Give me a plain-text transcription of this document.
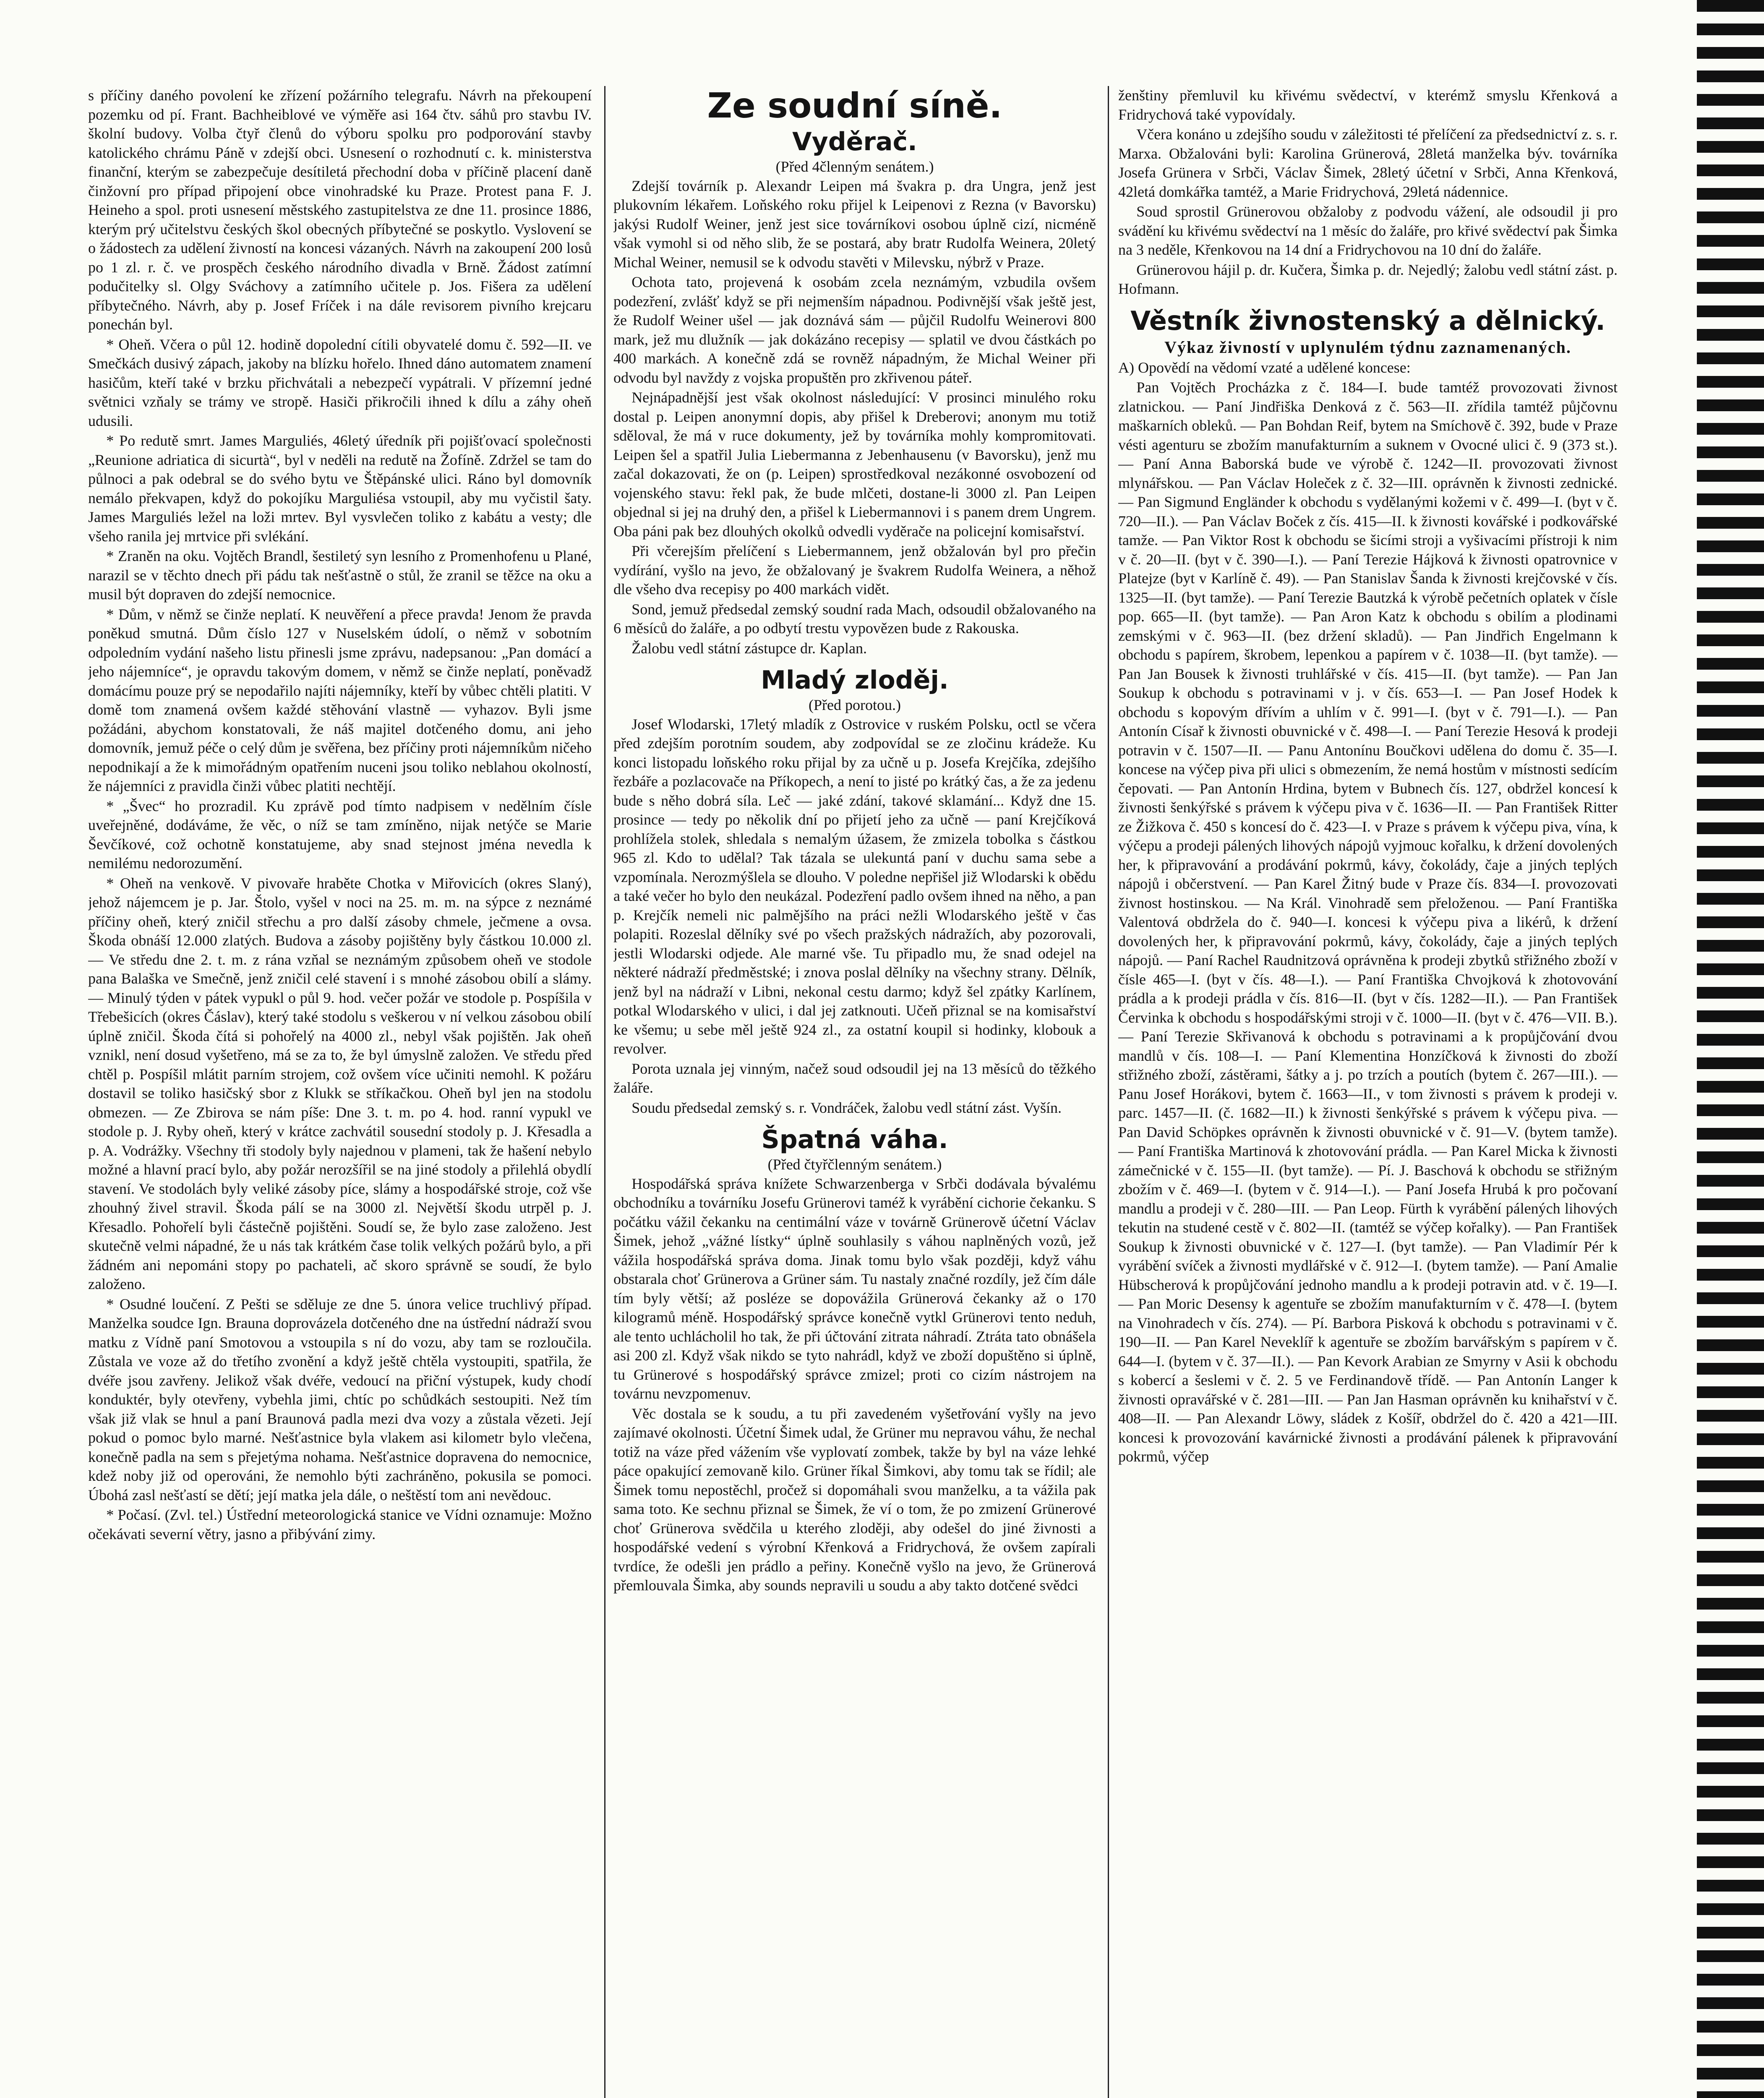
s příčiny daného povolení ke zřízení požárního telegrafu. Návrh na překoupení pozemku od pí. Frant. Bachheiblové ve výměře asi 164 čtv. sáhů pro stavbu IV. školní budovy. Volba čtyř členů do výboru spolku pro podporování stavby katolického chrámu Páně v zdejší obci. Usnesení o rozhodnutí c. k. ministerstva finanční, kterým se zabezpečuje desítiletá přechodní doba v příčině placení daně činžovní pro případ připojení obce vinohradské ku Praze. Protest pana F. J. Heineho a spol. proti usnesení městského zastupitelstva ze dne 11. prosince 1886, kterým prý učitelstvu českých škol obecných příbytečné se poskytlo. Vyslovení se o žádostech za udělení živností na koncesi vázaných. Návrh na zakoupení 200 losů po 1 zl. r. č. ve prospěch českého národního divadla v Brně. Žádost zatímní podučitelky sl. Olgy Sváchovy a zatímního učitele p. Jos. Fišera za udělení příbytečného. Návrh, aby p. Josef Fríček i na dále revisorem pivního krejcaru ponechán byl.

* Oheň. Včera o půl 12. hodině dopolední cítili obyvatelé domu č. 592—II. ve Smečkách dusivý zápach, jakoby na blízku hořelo. Ihned dáno automatem znamení hasičům, kteří také v brzku přichvátali a nebezpečí vypátrali. V přízemní jedné světnici vzňaly se trámy ve stropě. Hasiči přikročili ihned k dílu a záhy oheň udusili.

* Po redutě smrt. James Marguliés, 46letý úředník při pojišťovací společnosti „Reunione adriatica di sicurtà“, byl v neděli na redutě na Žofíně. Zdržel se tam do půlnoci a pak odebral se do svého bytu ve Štěpánské ulici. Ráno byl domovník nemálo překvapen, když do pokojíku Marguliésa vstoupil, aby mu vyčistil šaty. James Marguliés ležel na loži mrtev. Byl vysvlečen toliko z kabátu a vesty; dle všeho ranila jej mrtvice při svlékání.

* Zraněn na oku. Vojtěch Brandl, šestiletý syn lesního z Promenhofenu u Plané, narazil se v těchto dnech při pádu tak nešťastně o stůl, že zranil se těžce na oku a musil být dopraven do zdejší nemocnice.

* Dům, v němž se činže neplatí. K neuvěření a přece pravda! Jenom že pravda poněkud smutná. Dům číslo 127 v Nuselském údolí, o němž v sobotním odpoledním vydání našeho listu přinesli jsme zprávu, nadepsanou: „Pan domácí a jeho nájemníce“, je opravdu takovým domem, v němž se činže neplatí, poněvadž domácímu pouze prý se nepodařilo najíti nájemníky, kteří by vůbec chtěli platiti. V domě tom znamená ovšem každé stěhování vlastně — vyhazov. Byli jsme požádáni, abychom konstatovali, že náš majitel dotčeného domu, ani jeho domovník, jemuž péče o celý dům je svěřena, bez příčiny proti nájemníkům ničeho nepodnikají a že k mimořádným opatřením nuceni jsou toliko neblahou okolností, že nájemníci z pravidla činži vůbec platiti nechtějí.

* „Švec“ ho prozradil. Ku zprávě pod tímto nadpisem v nedělním čísle uveřejněné, dodáváme, že věc, o níž se tam zmíněno, nijak netýče se Marie Ševčíkové, což ochotně konstatujeme, aby snad stejnost jména nevedla k nemilému nedorozumění.

* Oheň na venkově. V pivovaře hraběte Chotka v Miřovicích (okres Slaný), jehož nájemcem je p. Jar. Štolo, vyšel v noci na 25. m. m. na sýpce z neznámé příčiny oheň, který zničil střechu a pro další zásoby chmele, ječmene a ovsa. Škoda obnáší 12.000 zlatých. Budova a zásoby pojištěny byly částkou 10.000 zl. — Ve středu dne 2. t. m. z rána vzňal se neznámým způsobem oheň ve stodole pana Balaška ve Smečně, jenž zničil celé stavení i s mnohé zásobou obilí a slámy. — Minulý týden v pátek vypukl o půl 9. hod. večer požár ve stodole p. Pospíšila v Třebešicích (okres Čáslav), který také stodolu s veškerou v ní velkou zásobou obilí úplně zničil. Škoda čítá si pohořelý na 4000 zl., nebyl však pojištěn. Jak oheň vznikl, není dosud vyšetřeno, má se za to, že byl úmyslně založen. Ve středu před chtěl p. Pospíšil mlátit parním strojem, což ovšem více učiniti nemohl. K požáru dostavil se toliko hasičský sbor z Klukk se stříkačkou. Oheň byl jen na stodolu obmezen. — Ze Zbirova se nám píše: Dne 3. t. m. po 4. hod. ranní vypukl ve stodole p. J. Ryby oheň, který v krátce zachvátil sousední stodoly p. J. Křesadla a p. A. Vodrážky. Všechny tři stodoly byly najednou v plameni, tak že hašení nebylo možné a hlavní prací bylo, aby požár nerozšířil se na jiné stodoly a přilehlá obydlí stavení. Ve stodolách byly veliké zásoby píce, slámy a hospodářské stroje, což vše zhouhný živel stravil. Škoda pálí se na 3000 zl. Největší škodu utrpěl p. J. Křesadlo. Pohořelí byli částečně pojištěni. Soudí se, že bylo zase založeno. Jest skutečně velmi nápadné, že u nás tak krátkém čase tolik velkých požárů bylo, a při žádném ani nepománi stopy po pachateli, ač skoro správně se soudí, že bylo založeno.

* Osudné loučení. Z Pešti se sděluje ze dne 5. února velice truchlivý případ. Manželka soudce Ign. Brauna doprovázela dotčeného dne na ústřední nádraží svou matku z Vídně paní Smotovou a vstoupila s ní do vozu, aby tam se rozloučila. Zůstala ve voze až do třetího zvonění a když ještě chtěla vystoupiti, spatřila, že dvéře jsou zavřeny. Jelikož však dvéře, vedoucí na přiční výstupek, kudy chodí konduktér, byly otevřeny, vybehla jimi, chtíc po schůdkách sestoupiti. Než tím však již vlak se hnul a paní Braunová padla mezi dva vozy a zůstala vězeti. Její pokud o pomoc bylo marné. Nešťastnice byla vlakem asi kilometr bylo vlečena, konečně padla na sem s přejetýma nohama. Nešťastnice dopravena do nemocnice, kdež noby již od operováni, že nemohlo býti zachráněno, pokusila se pomoci. Úbohá zasl nešťastí se dětí; její matka jela dále, o neštěstí tom ani nevědouc.

* Počasí. (Zvl. tel.) Ústřední meteorologická stanice ve Vídni oznamuje: Možno očekávati severní větry, jasno a přibývání zimy.

Ze soudní síně.
Vyděrač.

(Před 4členným senátem.)

Zdejší továrník p. Alexandr Leipen má švakra p. dra Ungra, jenž jest plukovním lékařem. Loňského roku přijel k Leipenovi z Rezna (v Bavorsku) jakýsi Rudolf Weiner, jenž jest sice továrníkovi osobou úplně cizí, nicméně však vymohl si od něho slib, že se postará, aby bratr Rudolfa Weinera, 20letý Michal Weiner, nemusil se k odvodu stavěti v Milevsku, nýbrž v Praze.

Ochota tato, projevená k osobám zcela neznámým, vzbudila ovšem podezření, zvlášť když se při nejmenším nápadnou. Podivnější však ještě jest, že Rudolf Weiner ušel — jak doznává sám — půjčil Rudolfu Weinerovi 800 mark, jež mu dlužník — jak dokázáno recepisy — splatil ve dvou částkách po 400 markách. A konečně zdá se rovněž nápadným, že Michal Weiner při odvodu byl navždy z vojska propuštěn pro zkřivenou páteř.

Nejnápadnější jest však okolnost následující: V prosinci minulého roku dostal p. Leipen anonymní dopis, aby přišel k Dreberovi; anonym mu totiž sděloval, že má v ruce dokumenty, jež by továrníka mohly kompromitovati. Leipen šel a spatřil Julia Liebermanna z Jebenhausenu (v Bavorsku), jenž mu začal dokazovati, že on (p. Leipen) sprostředkoval nezákonné osvobození od vojenského stavu: řekl pak, že bude mlčeti, dostane-li 3000 zl. Pan Leipen objednal si jej na druhý den, a přišel k Liebermannovi i s panem drem Ungrem. Oba páni pak bez dlouhých okolků odvedli vyděrače na policejní komisařství.

Při včerejším přelíčení s Liebermannem, jenž obžalován byl pro přečin vydírání, vyšlo na jevo, že obžalovaný je švakrem Rudolfa Weinera, a něhož dle všeho dva recepisy po 400 markách vidět.

Sond, jemuž předsedal zemský soudní rada Mach, odsoudil obžalovaného na 6 měsíců do žaláře, a po odbytí trestu vypovězen bude z Rakouska.

Žalobu vedl státní zástupce dr. Kaplan.

Mladý zloděj.

(Před porotou.)

Josef Wlodarski, 17letý mladík z Ostrovice v ruském Polsku, octl se včera před zdejším porotním soudem, aby zodpovídal se ze zločinu krádeže. Ku konci listopadu loňského roku přijal by za učně u p. Josefa Krejčíka, zdejšího řezbáře a pozlacovače na Příkopech, a není to jisté po krátký čas, a že za jedenu bude s něho dobrá síla. Leč — jaké zdání, takové sklamání... Když dne 15. prosince — tedy po několik dní po přijetí jeho za učně — paní Krejčíková prohlížela stolek, shledala s nemalým úžasem, že zmizela tobolka s částkou 965 zl. Kdo to udělal? Tak tázala se ulekuntá paní v duchu sama sebe a vzpomínala. Nerozmýšlela se dlouho. V poledne nepřišel již Wlodarski k obědu a také večer ho bylo den neukázal. Podezření padlo ovšem ihned na něho, a pan p. Krejčík nemeli nic palmějšího na práci nežli Wlodarského ještě v čas polapiti. Rozeslal dělníky své po všech pražských nádražích, aby pozorovali, jestli Wlodarski odjede. Ale marné vše. Tu připadlo mu, že snad odejel na některé nádraží předměstské; i znova poslal dělníky na všechny strany. Dělník, jenž byl na nádraží v Libni, nekonal cestu darmo; když šel zpátky Karlínem, potkal Wlodarského v ulici, i dal jej zatknouti. Učeň přiznal se na komisařství ke všemu; u sebe měl ještě 924 zl., za ostatní koupil si hodinky, klobouk a revolver.

Porota uznala jej vinným, načež soud odsoudil jej na 13 měsíců do těžkého žaláře.

Soudu předsedal zemský s. r. Vondráček, žalobu vedl státní zást. Vyšín.

Špatná váha.

(Před čtyřčlenným senátem.)

Hospodářská správa knížete Schwarzenberga v Srbči dodávala bývalému obchodníku a továrníku Josefu Grünerovi taméž k vyrábění cichorie čekanku. S počátku vážil čekanku na centimální váze v továrně Grünerově účetní Václav Šimek, jehož „vážné lístky“ úplně souhlasily s váhou naplněných vozů, jež vážila hospodářská správa doma. Jinak tomu bylo však později, když váhu obstarala choť Grünerova a Grüner sám. Tu nastaly značné rozdíly, jež čím dále tím byly větší; až posléze se dopovážila Grünerová čekanky až o 170 kilogramů méně. Hospodářský správce konečně vytkl Grünerovi tento neduh, ale tento uchlácholil ho tak, že při účtování zitrata náhradí. Ztráta tato obnášela asi 200 zl. Když však nikdo se tyto nahrádl, když ve zboží dopuštěno si úplně, tu Grünerové s hospodářský správce zmizel; proti co cizím nástrojem na továrnu nevzpomenuv.

Věc dostala se k soudu, a tu při zavedeném vyšetřování vyšly na jevo zajímavé okolnosti. Účetní Šimek udal, že Grüner mu nepravou váhu, že nechal totiž na váze před vážením vše vyplovatí zombek, takže by byl na váze lehké páce opakující zemovaně kilo. Grüner říkal Šimkovi, aby tomu tak se řídil; ale Šimek tomu nepostěchl, pročež si dopomáhali svou manželku, a ta vážila pak sama toto. Ke sechnu přiznal se Šimek, že ví o tom, že po zmizení Grünerové choť Grünerova svědčila u kterého zloději, aby odešel do jiné živnosti a hospodářské vedení s výrobní Křenková a Fridrychová, že ovšem zapírali tvrdíce, že odešli jen prádlo a peřiny. Konečně vyšlo na jevo, že Grünerová přemlouvala Šimka, aby sounds nepravili u soudu a aby takto dotčené svědci

ženštiny přemluvil ku křivému svědectví, v kterémž smyslu Křenková a Fridrychová také vypovídaly.

Včera konáno u zdejšího soudu v záležitosti té přelíčení za předsednictví z. s. r. Marxa. Obžalováni byli: Karolina Grünerová, 28letá manželka býv. továrníka Josefa Grünera v Srbči, Václav Šimek, 28letý účetní v Srbči, Anna Křenková, 42letá domkářka tamtéž, a Marie Fridrychová, 29letá nádennice.

Soud sprostil Grünerovou obžaloby z podvodu vážení, ale odsoudil ji pro svádění ku křivému svědectví na 1 měsíc do žaláře, pro křivé svědectví pak Šimka na 3 neděle, Křenkovou na 14 dní a Fridrychovou na 10 dní do žaláře.

Grünerovou hájil p. dr. Kučera, Šimka p. dr. Nejedlý; žalobu vedl státní zást. p. Hofmann.

Věstník živnostenský a dělnický.

Výkaz živností v uplynulém týdnu zaznamenaných.

A) Opovědí na vědomí vzaté a udělené koncese:

Pan Vojtěch Procházka z č. 184—I. bude tamtéž provozovati živnost zlatnickou. — Paní Jindřiška Denková z č. 563—II. zřídila tamtéž půjčovnu maškarních obleků. — Pan Bohdan Reif, bytem na Smíchově č. 392, bude v Praze vésti agenturu se zbožím manufakturním a suknem v Ovocné ulici č. 9 (373 st.). — Paní Anna Baborská bude ve výrobě č. 1242—II. provozovati živnost mlynářskou. — Pan Václav Holeček z č. 32—III. oprávněn k živnosti zednické. — Pan Sigmund Engländer k obchodu s vydělanými kožemi v č. 499—I. (byt v č. 720—II.). — Pan Václav Boček z čís. 415—II. k živnosti kovářské i podkovářské tamže. — Pan Viktor Rost k obchodu se šicími stroji a vyšivacími přístroji k nim v č. 20—II. (byt v č. 390—I.). — Paní Terezie Hájková k živnosti opatrovnice v Platejze (byt v Karlíně č. 49). — Pan Stanislav Šanda k živnosti krejčovské v čís. 1325—II. (byt tamže). — Paní Terezie Bautzká k výrobě pečetních oplatek v čísle pop. 665—II. (byt tamže). — Pan Aron Katz k obchodu s obilím a plodinami zemskými v č. 963—II. (bez držení skladů). — Pan Jindřich Engelmann k obchodu s papírem, škrobem, lepenkou a papírem v č. 1038—II. (byt tamže). — Pan Jan Bousek k živnosti truhlářské v čís. 415—II. (byt tamže). — Pan Jan Soukup k obchodu s potravinami v j. v čís. 653—I. — Pan Josef Hodek k obchodu s kopovým dřívím a uhlím v č. 991—I. (byt v č. 791—I.). — Pan Antonín Císař k živnosti obuvnické v č. 498—I. — Paní Terezie Hesová k prodeji potravin v č. 1507—II. — Panu Antonínu Boučkovi udělena do domu č. 35—I. koncese na výčep piva při ulici s obmezením, že nemá hostům v místnosti sedícím čepovati. — Pan Antonín Hrdina, bytem v Bubnech čís. 127, obdržel koncesí k živnosti šenkýřské s právem k výčepu piva v č. 1636—II. — Pan František Ritter ze Žižkova č. 450 s koncesí do č. 423—I. v Praze s právem k výčepu piva, vína, k výčepu a prodeji pálených lihových nápojů vyjmouc kořalku, k držení dovolených her, k připravování a prodávání pokrmů, kávy, čokolády, čaje a jiných teplých nápojů i občerstvení. — Pan Karel Žitný bude v Praze čís. 834—I. provozovati živnost hostinskou. — Na Král. Vinohradě sem přeloženou. — Paní Františka Valentová obdržela do č. 940—I. koncesi k výčepu piva a likérů, k držení dovolených her, k připravování pokrmů, kávy, čokolády, čaje a jiných teplých nápojů. — Paní Rachel Raudnitzová oprávněna k prodeji zbytků střižného zboží v čísle 465—I. (byt v čís. 48—I.). — Paní Františka Chvojková k zhotovování prádla a k prodeji prádla v čís. 816—II. (byt v čís. 1282—II.). — Pan František Červinka k obchodu s hospodářskými stroji v č. 1000—II. (byt v č. 476—VII. B.). — Paní Terezie Skřivanová k obchodu s potravinami a k propůjčování dvou mandlů v čís. 108—I. — Paní Klementina Honzíčková k živnosti do zboží střižného zboží, zástěrami, šátky a j. po trzích a poutích (bytem č. 267—III.). — Panu Josef Horákovi, bytem č. 1663—II., v tom živnosti s právem k prodeji v. parc. 1457—II. (č. 1682—II.) k živnosti šenkýřské s právem k výčepu piva. — Pan David Schöpkes oprávněn k živnosti obuvnické v č. 91—V. (bytem tamže). — Paní Františka Martinová k zhotovování prádla. — Pan Karel Micka k živnosti zámečnické v č. 155—II. (byt tamže). — Pí. J. Baschová k obchodu se střižným zbožím v č. 469—I. (bytem v č. 914—I.). — Paní Josefa Hrubá k pro počovaní mandlu a prodeji v č. 280—III. — Pan Leop. Fürth k vyrábění pálených lihových tekutin na studené cestě v č. 802—II. (tamtéž se výčep kořalky). — Pan František Soukup k živnosti obuvnické v č. 127—I. (byt tamže). — Pan Vladimír Pér k vyrábění svíček a živnosti mydlářské v č. 912—I. (bytem tamže). — Paní Amalie Hübscherová k propůjčování jednoho mandlu a k prodeji potravin atd. v č. 19—I. — Pan Moric Desensy k agentuře se zbožím manufakturním v č. 478—I. (bytem na Vinohradech v čís. 274). — Pí. Barbora Pisková k obchodu s potravinami v č. 190—II. — Pan Karel Neveklíř k agentuře se zbožím barvářským s papírem v č. 644—I. (bytem v č. 37—II.). — Pan Kevork Arabian ze Smyrny v Asii k obchodu s kobercí a šeslemi v č. 2. 5 ve Ferdinandově třídě. — Pan Antonín Langer k živnosti opravářské v č. 281—III. — Pan Jan Hasman oprávněn ku knihařství v č. 408—II. — Pan Alexandr Löwy, sládek z Košíř, obdržel do č. 420 a 421—III. koncesi k provozování kavárnické živnosti a prodávání pálenek k připravování pokrmů, výčep
